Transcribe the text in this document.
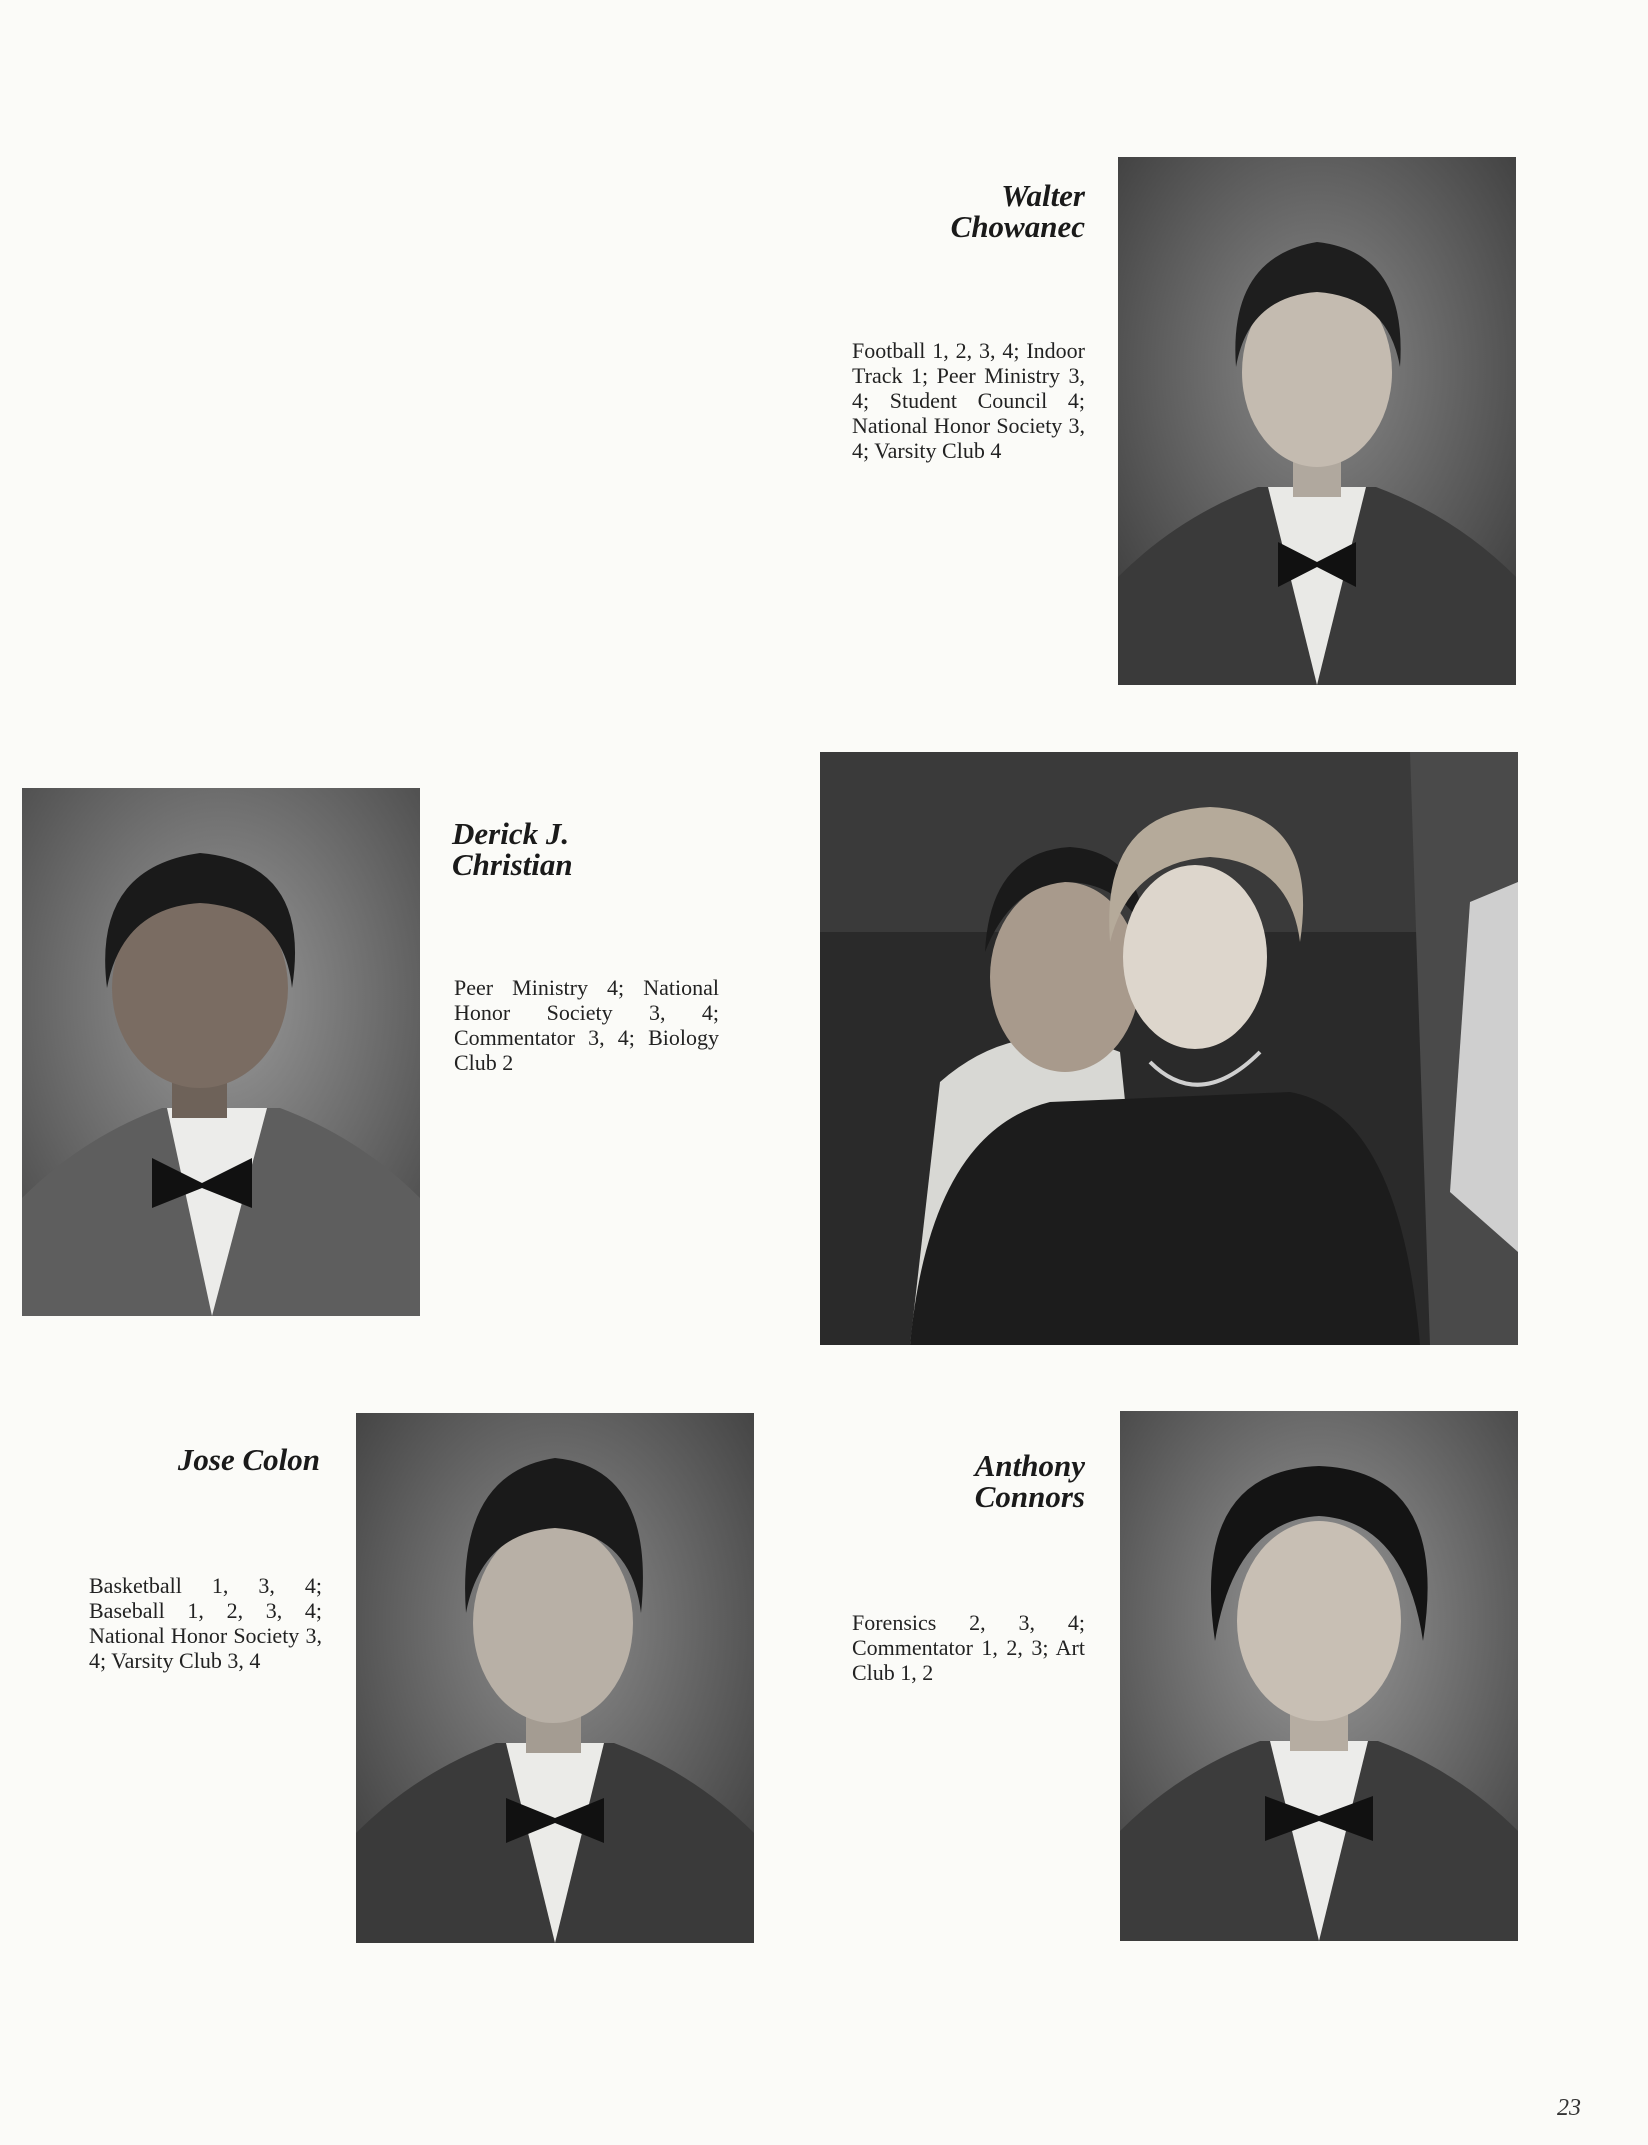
Walter
Chowanec

Football 1, 2, 3, 4; Indoor Track 1; Peer Ministry 3, 4; Student Council 4; National Honor Society 3, 4; Varsity Club 4

Derick J.
Christian

Peer Ministry 4; National Honor Society 3, 4; Commentator 3, 4; Biology Club 2

Jose Colon

Basketball 1, 3, 4; Baseball 1, 2, 3, 4; National Honor Society 3, 4; Varsity Club 3, 4

Anthony
Connors

Forensics 2, 3, 4; Commentator 1, 2, 3; Art Club 1, 2

23
